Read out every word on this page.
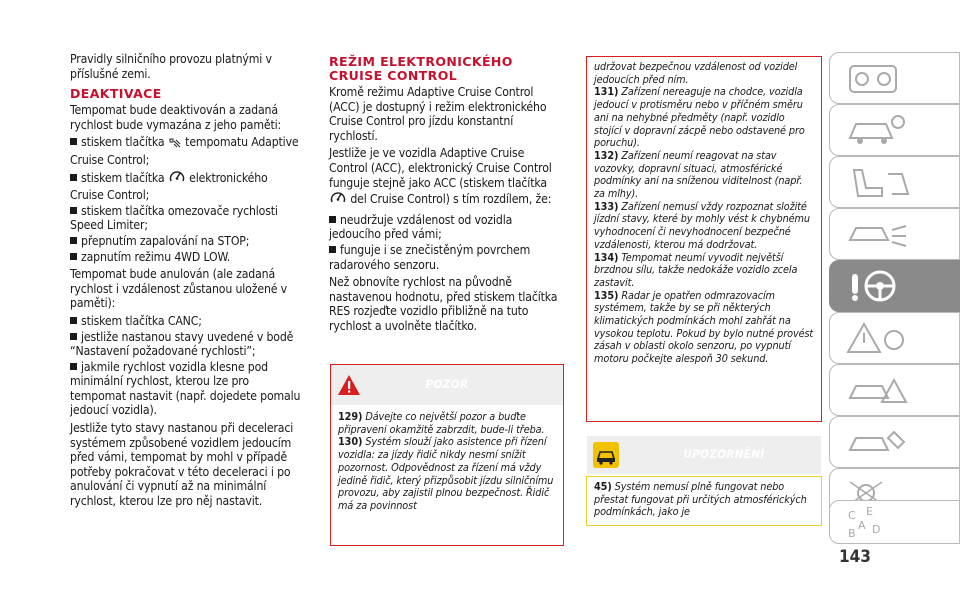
Pravidly silničního provozu platnými v příslušné zemi.

DEAKTIVACE

Tempomat bude deaktivován a zadaná rychlost bude vymazána z jeho paměti:

stiskem tlačítka tempomatu Adaptive Cruise Control;
stiskem tlačítka elektronického Cruise Control;
stiskem tlačítka omezovače rychlosti Speed Limiter;
přepnutím zapalování na STOP;
zapnutím režimu 4WD LOW.

Tempomat bude anulován (ale zadaná rychlost i vzdálenost zůstanou uložené v paměti):

stiskem tlačítka CANC;
jestliže nastanou stavy uvedené v bodě “Nastavení požadované rychlosti”;
jakmile rychlost vozidla klesne pod minimální rychlost, kterou lze pro tempomat nastavit (např. dojedete pomalu jedoucí vozidla).

Jestliže tyto stavy nastanou při deceleraci systémem způsobené vozidlem jedoucím před vámi, tempomat by mohl v případě potřeby pokračovat v této deceleraci i po anulování či vypnutí až na minimální rychlost, kterou lze pro něj nastavit.

REŽIM ELEKTRONICKÉHO
CRUISE CONTROL

Kromě režimu Adaptive Cruise Control (ACC) je dostupný i režim elektronického Cruise Control pro jízdu konstantní rychlostí.

Jestliže je ve vozidla Adaptive Cruise Control (ACC), elektronický Cruise Control funguje stejně jako ACC (stiskem tlačítka  del Cruise Control) s tím rozdílem, že:

neudržuje vzdálenost od vozidla jedoucího před vámi;
funguje i se znečistěným povrchem radarového senzoru.

Než obnovíte rychlost na původně nastavenou hodnotu, před stiskem tlačítka RES rozjeďte vozidlo přibližně na tuto rychlost a uvolněte tlačítko.

POZOR

129) Dávejte co největší pozor a buďte připraveni okamžitě zabrzdit, bude-li třeba.

130) Systém slouží jako asistence při řízení vozidla: za jízdy řidič nikdy nesmí snížit pozornost. Odpovědnost za řízení má vždy jedině řidič, který přizpůsobit jízdu silničnímu provozu, aby zajistil plnou bezpečnost. Řidič má za povinnost

udržovat bezpečnou vzdálenost od vozidel jedoucích před ním.

131) Zařízení nereaguje na chodce, vozidla jedoucí v protisměru nebo v příčném směru ani na nehybné předměty (např. vozidlo stojící v dopravní zácpě nebo odstavené pro poruchu).

132) Zařízení neumí reagovat na stav vozovky, dopravní situaci, atmosférické podmínky ani na sníženou viditelnost (např. za mlhy).

133) Zařízení nemusí vždy rozpoznat složité jízdní stavy, které by mohly vést k chybnému vyhodnocení či nevyhodnocení bezpečné vzdálenosti, kterou má dodržovat.

134) Tempomat neumí vyvodit největší brzdnou sílu, takže nedokáže vozidlo zcela zastavit.

135) Radar je opatřen odmrazovacím systémem, takže by se při některých klimatických podmínkách mohl zahřát na vysokou teplotu. Pokud by bylo nutné provést zásah v oblasti okolo senzoru, po vypnutí motoru počkejte alespoň 30 sekund.

UPOZORNĚNÍ

45) Systém nemusí plně fungovat nebo přestat fungovat při určitých atmosférických podmínkách, jako je

143
C E
A
B D
